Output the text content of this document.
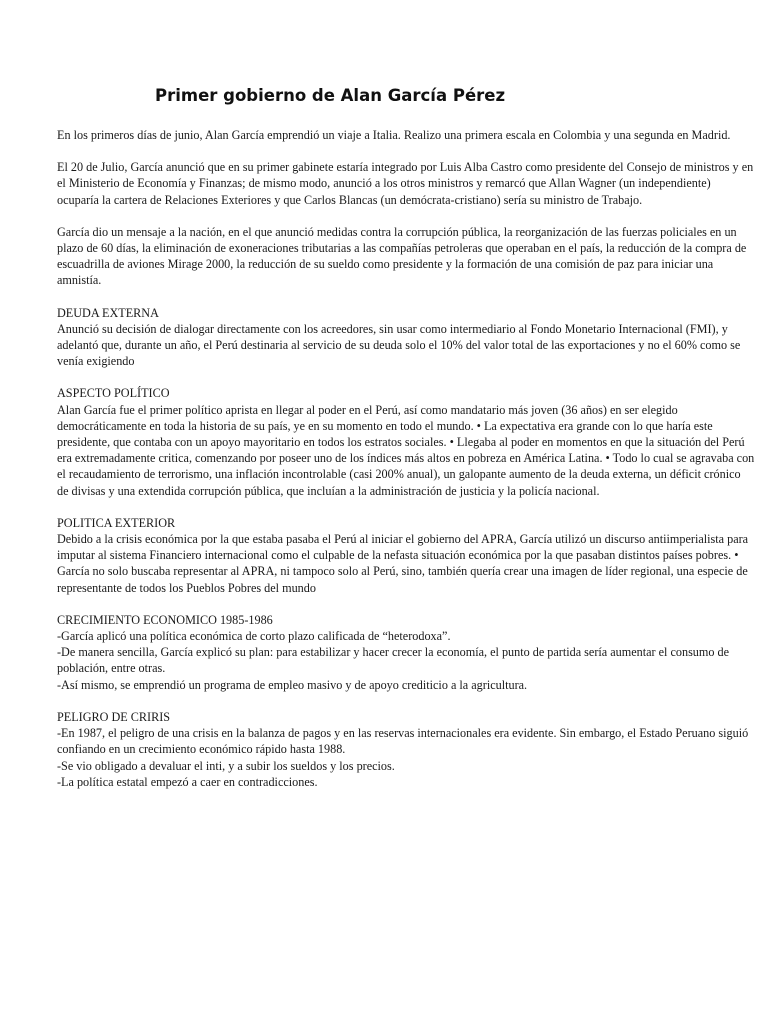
Primer gobierno de Alan García Pérez

En los primeros días de junio, Alan García emprendió un viaje a Italia. Realizo una primera escala en Colombia y una segunda en Madrid.

El 20 de Julio, García anunció que en su primer gabinete estaría integrado por Luis Alba Castro como presidente del Consejo de ministros y en el Ministerio de Economía y Finanzas; de mismo modo, anunció a los otros ministros y remarcó que Allan Wagner (un independiente) ocuparía la cartera de Relaciones Exteriores y que Carlos Blancas (un demócrata-cristiano) sería su ministro de Trabajo.

García dio un mensaje a la nación, en el que anunció medidas contra la corrupción pública, la reorganización de las fuerzas policiales en un plazo de 60 días, la eliminación de exoneraciones tributarias a las compañías petroleras que operaban en el país, la reducción de la compra de escuadrilla de aviones Mirage 2000, la reducción de su sueldo como presidente y la formación de una comisión de paz para iniciar una amnistía.

DEUDA EXTERNA
Anunció su decisión de dialogar directamente con los acreedores, sin usar como intermediario al Fondo Monetario Internacional (FMI), y adelantó que, durante un año, el Perú destinaria al servicio de su deuda solo el 10% del valor total de las exportaciones y no el 60% como se venía exigiendo
ASPECTO POLÍTICO
Alan García fue el primer político aprista en llegar al poder en el Perú, así como mandatario más joven (36 años) en ser elegido democráticamente en toda la historia de su país, ye en su momento en todo el mundo. • La expectativa era grande con lo que haría este presidente, que contaba con un apoyo mayoritario en todos los estratos sociales. • Llegaba al poder en momentos en que la situación del Perú era extremadamente critica, comenzando por poseer uno de los índices más altos en pobreza en América Latina. • Todo lo cual se agravaba con el recaudamiento de terrorismo, una inflación incontrolable (casi 200% anual), un galopante aumento de la deuda externa, un déficit crónico de divisas y una extendida corrupción pública, que incluían a la administración de justicia y la policía nacional.
POLITICA EXTERIOR
Debido a la crisis económica por la que estaba pasaba el Perú al iniciar el gobierno del APRA, García utilizó un discurso antiimperialista para imputar al sistema Financiero internacional como el culpable de la nefasta situación económica por la que pasaban distintos países pobres. • García no solo buscaba representar al APRA, ni tampoco solo al Perú, sino, también quería crear una imagen de líder regional, una especie de representante de todos los Pueblos Pobres del mundo
CRECIMIENTO ECONOMICO 1985-1986
-García aplicó una política económica de corto plazo calificada de “heterodoxa”.
-De manera sencilla, García explicó su plan: para estabilizar y hacer crecer la economía, el punto de partida sería aumentar el consumo de población, entre otras.
-Así mismo, se emprendió un programa de empleo masivo y de apoyo crediticio a la agricultura.
PELIGRO DE CRIRIS
-En 1987, el peligro de una crisis en la balanza de pagos y en las reservas internacionales era evidente. Sin embargo, el Estado Peruano siguió confiando en un crecimiento económico rápido hasta 1988.
-Se vio obligado a devaluar el inti, y a subir los sueldos y los precios.
-La política estatal empezó a caer en contradicciones.
